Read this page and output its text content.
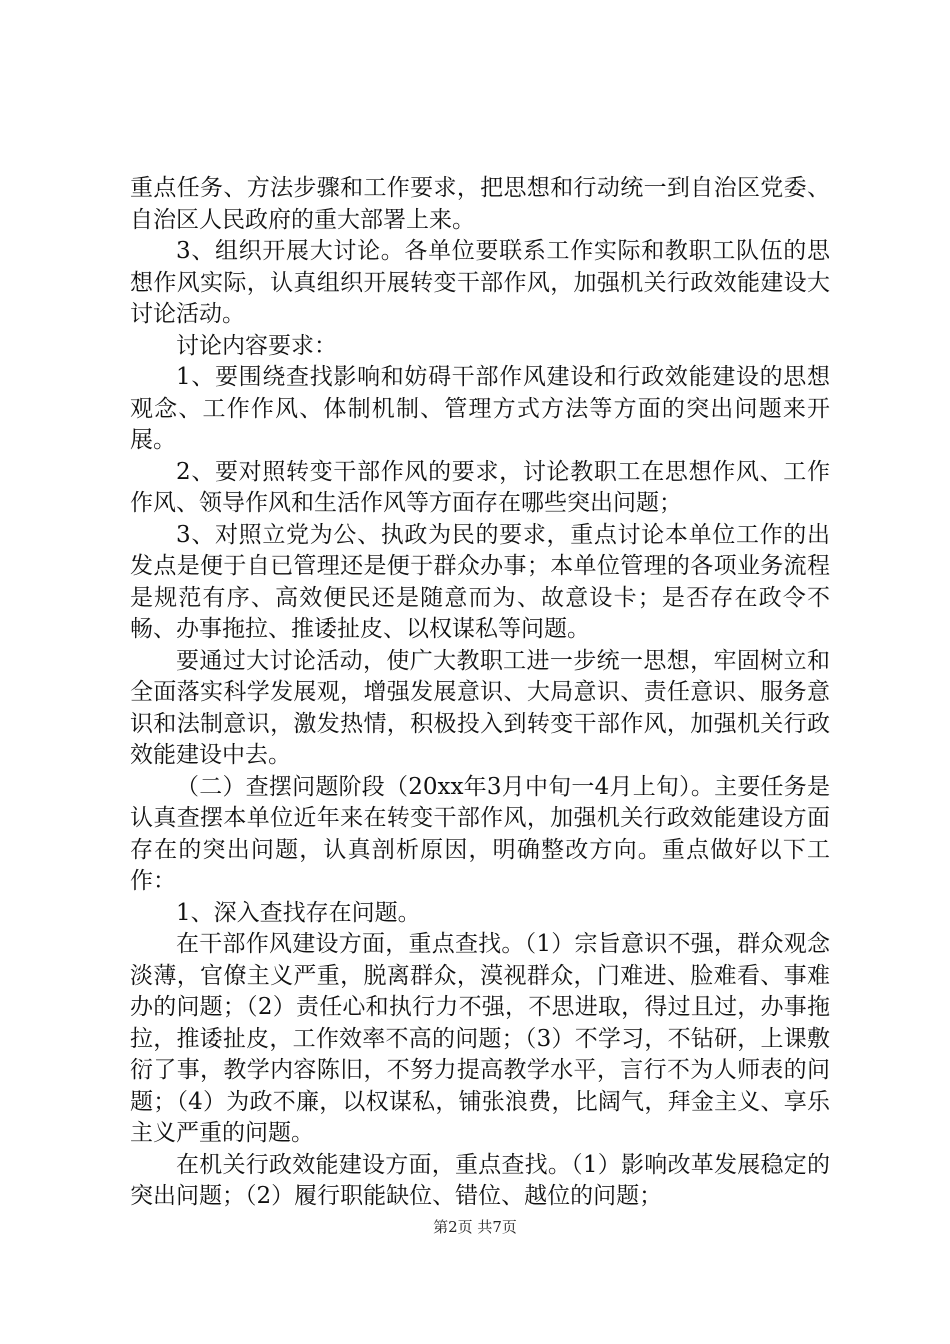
重点任务、方法步骤和工作要求，把思想和行动统一到自治区党委、自治区人民政府的重大部署上来。

3、组织开展大讨论。各单位要联系工作实际和教职工队伍的思想作风实际，认真组织开展转变干部作风，加强机关行政效能建设大讨论活动。

讨论内容要求：

1、要围绕查找影响和妨碍干部作风建设和行政效能建设的思想观念、工作作风、体制机制、管理方式方法等方面的突出问题来开展。

2、要对照转变干部作风的要求，讨论教职工在思想作风、工作作风、领导作风和生活作风等方面存在哪些突出问题；

3、对照立党为公、执政为民的要求，重点讨论本单位工作的出发点是便于自已管理还是便于群众办事；本单位管理的各项业务流程是规范有序、高效便民还是随意而为、故意设卡；是否存在政令不畅、办事拖拉、推诿扯皮、以权谋私等问题。

要通过大讨论活动，使广大教职工进一步统一思想，牢固树立和全面落实科学发展观，增强发展意识、大局意识、责任意识、服务意识和法制意识，激发热情，积极投入到转变干部作风，加强机关行政效能建设中去。

（二）查摆问题阶段（20xx年3月中旬一4月上旬）。主要任务是认真查摆本单位近年来在转变干部作风，加强机关行政效能建设方面存在的突出问题，认真剖析原因，明确整改方向。重点做好以下工作：

1、深入查找存在问题。

在干部作风建设方面，重点查找。（1）宗旨意识不强，群众观念淡薄，官僚主义严重，脱离群众，漠视群众，门难进、脸难看、事难办的问题；（2）责任心和执行力不强，不思进取，得过且过，办事拖拉，推诿扯皮，工作效率不高的问题；（3）不学习，不钻研，上课敷衍了事，教学内容陈旧，不努力提高教学水平，言行不为人师表的问题；（4）为政不廉，以权谋私，铺张浪费，比阔气，拜金主义、享乐主义严重的问题。

在机关行政效能建设方面，重点查找。（1）影响改革发展稳定的突出问题；（2）履行职能缺位、错位、越位的问题；

第2页 共7页
